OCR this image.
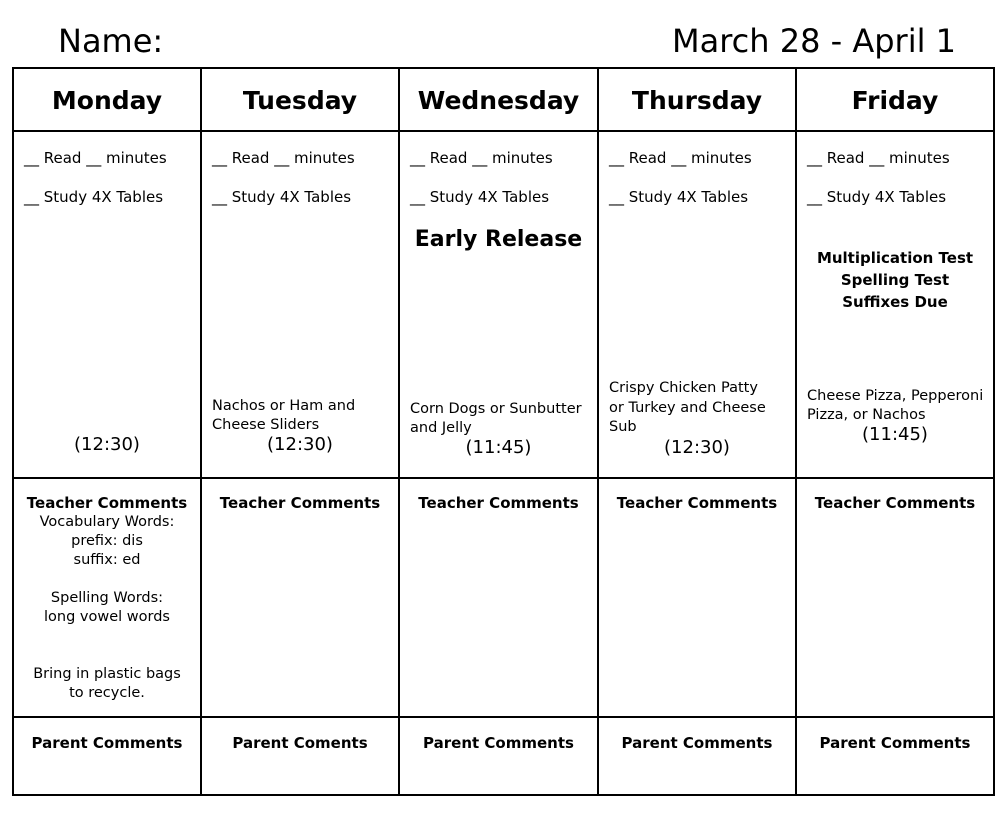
Name:	March 28 - April 1
Monday
__ Read __ minutes
__ Study 4X Tables
(12:30)
Teacher Comments
Vocabulary Words:
prefix: dis
suffix: ed
Spelling Words:
long vowel words
Bring in plastic bags
to recycle.
Parent Comments
Tuesday
__ Read __ minutes
__ Study 4X Tables
Nachos or Ham and
Cheese Sliders
(12:30)
Teacher Comments
Parent Coments
Wednesday
__ Read __ minutes
__ Study 4X Tables
Early Release
Corn Dogs or Sunbutter
and Jelly
(11:45)
Teacher Comments
Parent Comments
Thursday
__ Read __ minutes
__ Study 4X Tables
Crispy Chicken Patty
or Turkey and Cheese
Sub
(12:30)
Teacher Comments
Parent Comments
Friday
__ Read __ minutes
__ Study 4X Tables
Multiplication Test
Spelling Test
Suffixes Due
Cheese Pizza, Pepperoni
Pizza, or Nachos
(11:45)
Teacher Comments
Parent Comments
